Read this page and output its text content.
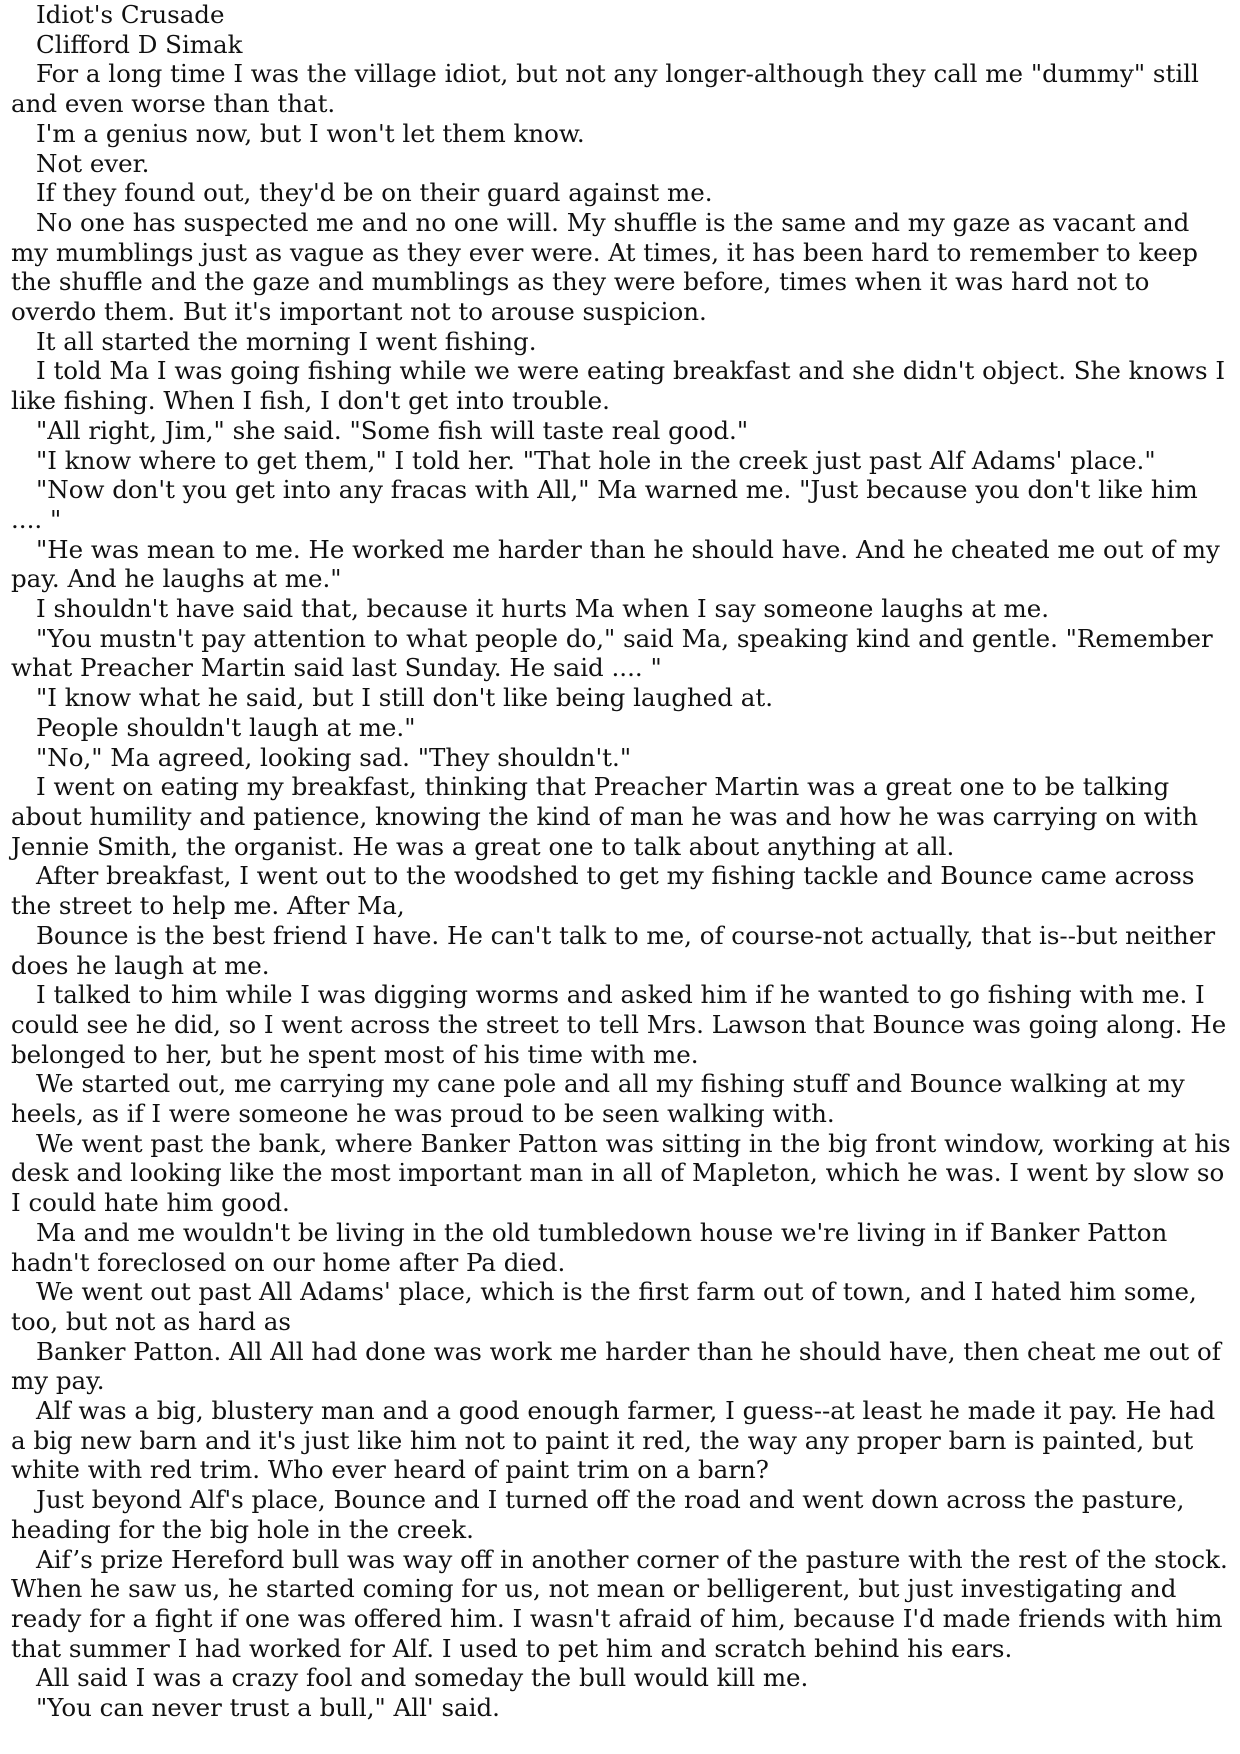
Idiot's Crusade

Clifford D Simak

For a long time I was the village idiot, but not any longer-although they call me "dummy" still and even worse than that.

I'm a genius now, but I won't let them know.

Not ever.

If they found out, they'd be on their guard against me.

No one has suspected me and no one will. My shuffle is the same and my gaze as vacant and my mumblings just as vague as they ever were. At times, it has been hard to remember to keep the shuffle and the gaze and mumblings as they were before, times when it was hard not to overdo them. But it's important not to arouse suspicion.

It all started the morning I went fishing.

I told Ma I was going fishing while we were eating breakfast and she didn't object. She knows I like fishing. When I fish, I don't get into trouble.

"All right, Jim," she said. "Some fish will taste real good."

"I know where to get them," I told her. "That hole in the creek just past Alf Adams' place."

"Now don't you get into any fracas with All," Ma warned me. "Just because you don't like him .... "

"He was mean to me. He worked me harder than he should have. And he cheated me out of my pay. And he laughs at me."

I shouldn't have said that, because it hurts Ma when I say someone laughs at me.

"You mustn't pay attention to what people do," said Ma, speaking kind and gentle. "Remember what Preacher Martin said last Sunday. He said .... "

"I know what he said, but I still don't like being laughed at.

People shouldn't laugh at me."

"No," Ma agreed, looking sad. "They shouldn't."

I went on eating my breakfast, thinking that Preacher Martin was a great one to be talking about humility and patience, knowing the kind of man he was and how he was carrying on with Jennie Smith, the organist. He was a great one to talk about anything at all.

After breakfast, I went out to the woodshed to get my fishing tackle and Bounce came across the street to help me. After Ma,

Bounce is the best friend I have. He can't talk to me, of course-not actually, that is--but neither does he laugh at me.

I talked to him while I was digging worms and asked him if he wanted to go fishing with me. I could see he did, so I went across the street to tell Mrs. Lawson that Bounce was going along. He belonged to her, but he spent most of his time with me.

We started out, me carrying my cane pole and all my fishing stuff and Bounce walking at my heels, as if I were someone he was proud to be seen walking with.

We went past the bank, where Banker Patton was sitting in the big front window, working at his desk and looking like the most important man in all of Mapleton, which he was. I went by slow so I could hate him good.

Ma and me wouldn't be living in the old tumbledown house we're living in if Banker Patton hadn't foreclosed on our home after Pa died.

We went out past All Adams' place, which is the first farm out of town, and I hated him some, too, but not as hard as

Banker Patton. All All had done was work me harder than he should have, then cheat me out of my pay.

Alf was a big, blustery man and a good enough farmer, I guess--at least he made it pay. He had a big new barn and it's just like him not to paint it red, the way any proper barn is painted, but white with red trim. Who ever heard of paint trim on a barn?

Just beyond Alf's place, Bounce and I turned off the road and went down across the pasture, heading for the big hole in the creek.

Aif’s prize Hereford bull was way off in another corner of the pasture with the rest of the stock. When he saw us, he started coming for us, not mean or belligerent, but just investigating and ready for a fight if one was offered him. I wasn't afraid of him, because I'd made friends with him that summer I had worked for Alf. I used to pet him and scratch behind his ears.

All said I was a crazy fool and someday the bull would kill me.

"You can never trust a bull," All' said.
